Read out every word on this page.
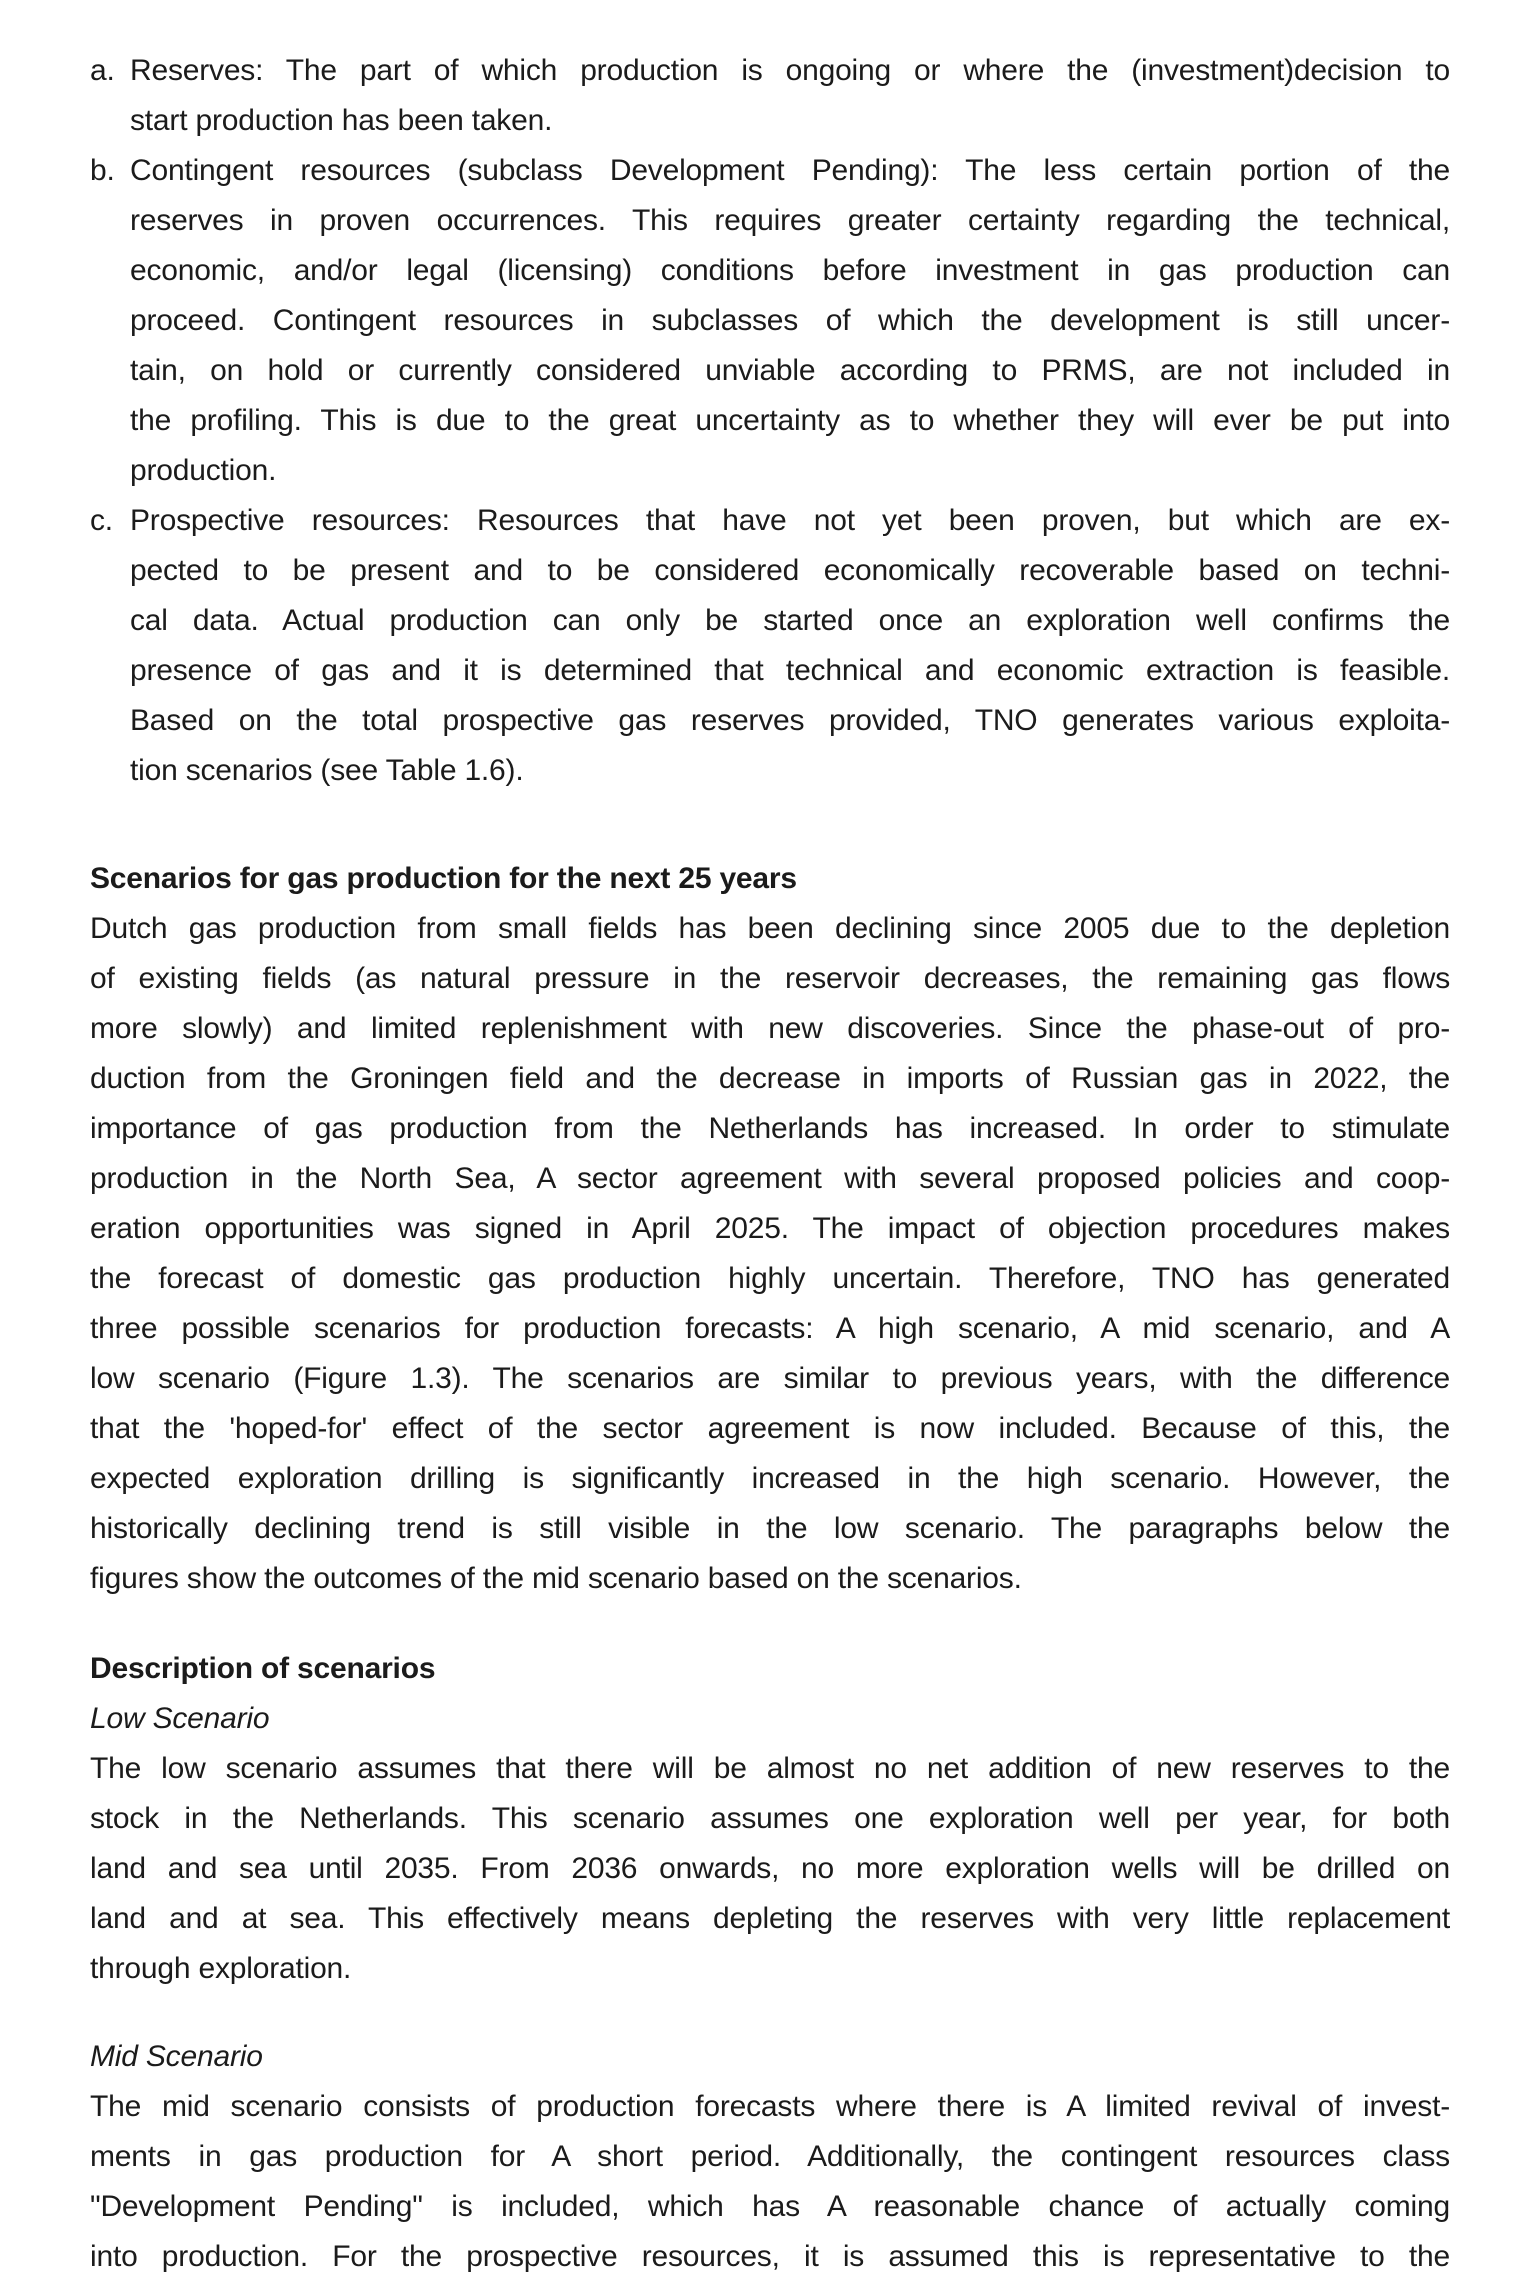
a. Reserves: The part of which production is ongoing or where the (investment)decision to
start production has been taken.
b. Contingent resources (subclass Development Pending): The less certain portion of the
reserves in proven occurrences. This requires greater certainty regarding the technical,
economic, and/or legal (licensing) conditions before investment in gas production can
proceed. Contingent resources in subclasses of which the development is still uncer-
tain, on hold or currently considered unviable according to PRMS, are not included in
the profiling. This is due to the great uncertainty as to whether they will ever be put into
production.
c. Prospective resources: Resources that have not yet been proven, but which are ex-
pected to be present and to be considered economically recoverable based on techni-
cal data. Actual production can only be started once an exploration well confirms the
presence of gas and it is determined that technical and economic extraction is feasible.
Based on the total prospective gas reserves provided, TNO generates various exploita-
tion scenarios (see Table 1.6).
Scenarios for gas production for the next 25 years
Dutch gas production from small fields has been declining since 2005 due to the depletion
of existing fields (as natural pressure in the reservoir decreases, the remaining gas flows
more slowly) and limited replenishment with new discoveries. Since the phase-out of pro-
duction from the Groningen field and the decrease in imports of Russian gas in 2022, the
importance of gas production from the Netherlands has increased. In order to stimulate
production in the North Sea, A sector agreement with several proposed policies and coop-
eration opportunities was signed in April 2025. The impact of objection procedures makes
the forecast of domestic gas production highly uncertain. Therefore, TNO has generated
three possible scenarios for production forecasts: A high scenario, A mid scenario, and A
low scenario (Figure 1.3). The scenarios are similar to previous years, with the difference
that the 'hoped-for' effect of the sector agreement is now included. Because of this, the
expected exploration drilling is significantly increased in the high scenario. However, the
historically declining trend is still visible in the low scenario. The paragraphs below the
figures show the outcomes of the mid scenario based on the scenarios.
Description of scenarios
Low Scenario
The low scenario assumes that there will be almost no net addition of new reserves to the
stock in the Netherlands. This scenario assumes one exploration well per year, for both
land and sea until 2035. From 2036 onwards, no more exploration wells will be drilled on
land and at sea. This effectively means depleting the reserves with very little replacement
through exploration.
Mid Scenario
The mid scenario consists of production forecasts where there is A limited revival of invest-
ments in gas production for A short period. Additionally, the contingent resources class
"Development Pending" is included, which has A reasonable chance of actually coming
into production. For the prospective resources, it is assumed this is representative to the
